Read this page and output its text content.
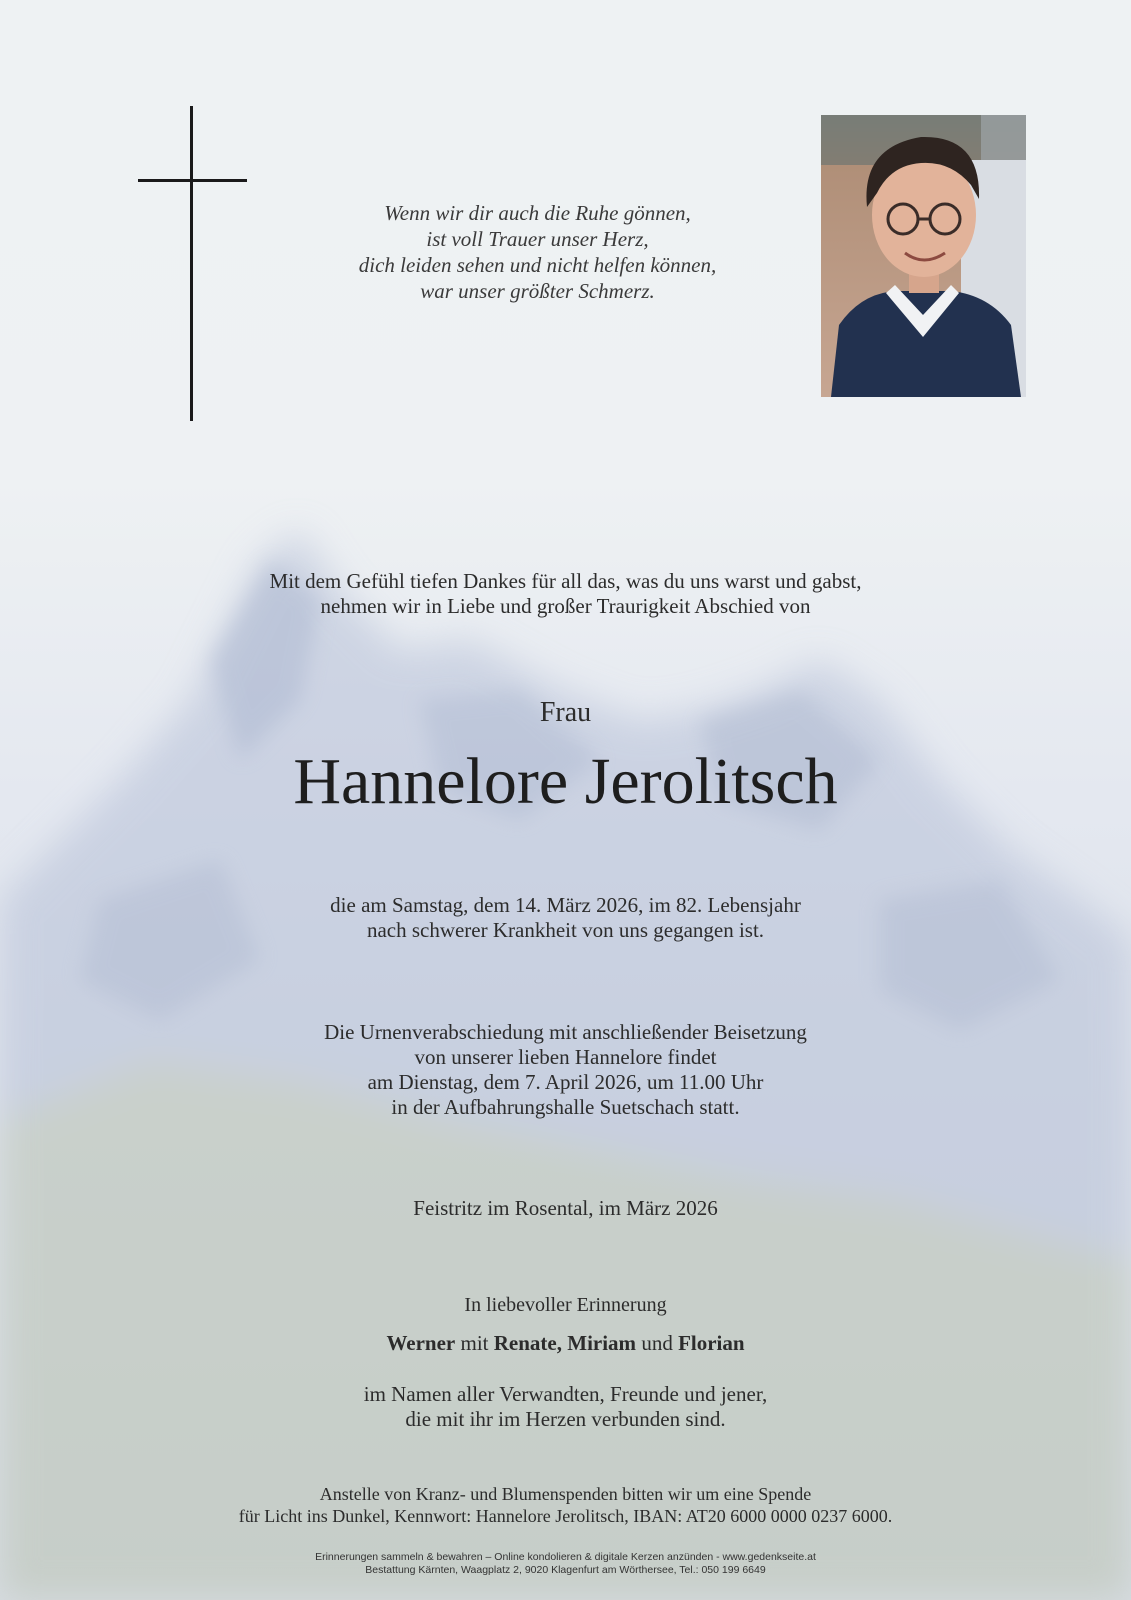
Wenn wir dir auch die Ruhe gönnen,
ist voll Trauer unser Herz,
dich leiden sehen und nicht helfen können,
war unser größter Schmerz.
Mit dem Gefühl tiefen Dankes für all das, was du uns warst und gabst,
nehmen wir in Liebe und großer Traurigkeit Abschied von
Frau
Hannelore Jerolitsch
die am Samstag, dem 14. März 2026, im 82. Lebensjahr
nach schwerer Krankheit von uns gegangen ist.
Die Urnenverabschiedung mit anschließender Beisetzung
von unserer lieben Hannelore findet
am Dienstag, dem 7. April 2026, um 11.00 Uhr
in der Aufbahrungshalle Suetschach statt.
Feistritz im Rosental, im März 2026
In liebevoller Erinnerung
Werner mit Renate, Miriam und Florian
im Namen aller Verwandten, Freunde und jener,
die mit ihr im Herzen verbunden sind.
Anstelle von Kranz- und Blumenspenden bitten wir um eine Spende
für Licht ins Dunkel, Kennwort: Hannelore Jerolitsch, IBAN: AT20 6000 0000 0237 6000.
Erinnerungen sammeln & bewahren – Online kondolieren & digitale Kerzen anzünden - www.gedenkseite.at
Bestattung Kärnten, Waagplatz 2, 9020 Klagenfurt am Wörthersee, Tel.: 050 199 6649
